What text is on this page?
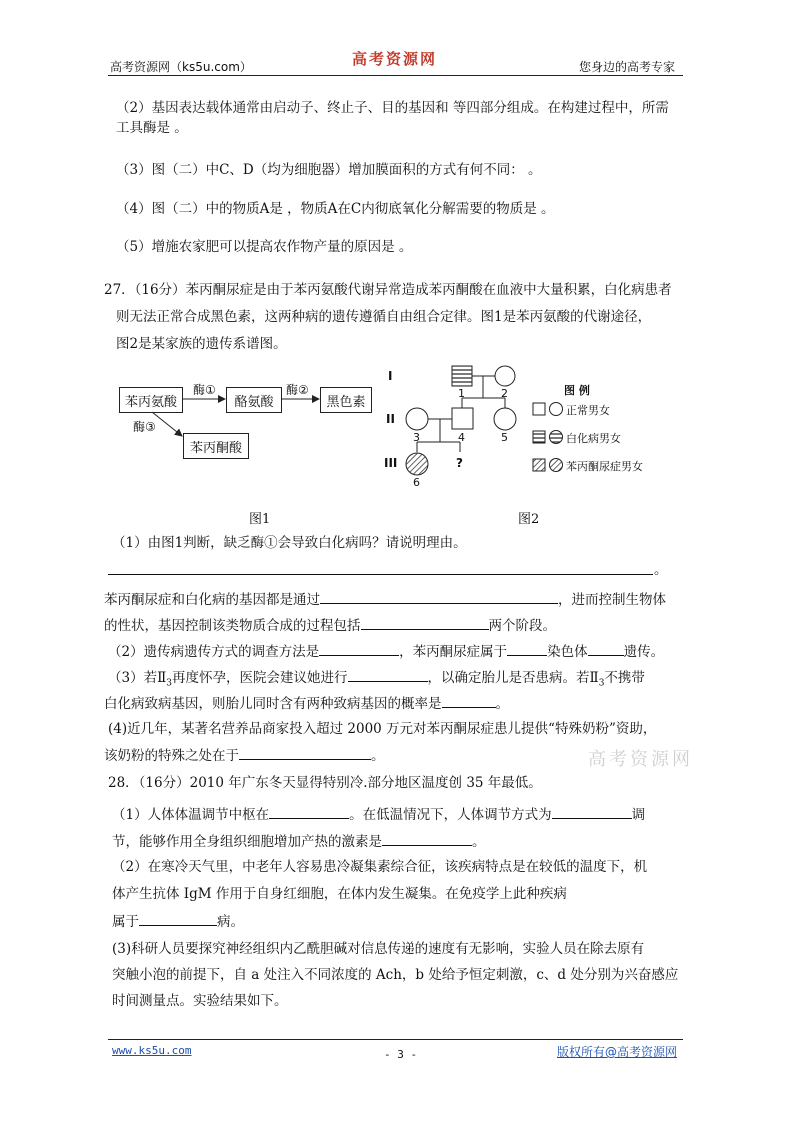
高考资源网（ks5u.com）	高考资源网	您身边的高考专家
（2）基因表达载体通常由启动子、终止子、目的基因和 等四部分组成。在构建过程中，所需
工具酶是 。
（3）图（二）中C、D（均为细胞器）增加膜面积的方式有何不同： 。
（4）图（二）中的物质A是 ，物质A在C内彻底氧化分解需要的物质是 。
（5）增施农家肥可以提高农作物产量的原因是 。
27．（16分）苯丙酮尿症是由于苯丙氨酸代谢异常造成苯丙酮酸在血液中大量积累，白化病患者
则无法正常合成黑色素，这两种病的遗传遵循自由组合定律。图1是苯丙氨酸的代谢途径，
图2是某家族的遗传系谱图。
苯丙氨酸	酪氨酸	黑色素
苯丙酮酸
酶①	酶②
酶③
图1
I
II
III
1	2
3	4	5
6
?
图 例
正常男女
白化病男女
苯丙酮尿症男女
图2
（1）由图1判断，缺乏酶①会导致白化病吗？请说明理由。
。
苯丙酮尿症和白化病的基因都是通过	，进而控制生物体
的性状，基因控制该类物质合成的过程包括	两个阶段。
（2）遗传病遗传方式的调查方法是	，苯丙酮尿症属于	染色体	遗传。
（3）若$Ⅱ_3$再度怀孕，医院会建议她进行	，以确定胎儿是否患病。若$Ⅱ_3$不携带
白化病致病基因，则胎儿同时含有两种致病基因的概率是	。
(4)近几年，某著名营养品商家投入超过 2000 万元对苯丙酮尿症患儿提供“特殊奶粉”资助，
该奶粉的特殊之处在于	。	高考资源网
28．（16分）2010 年广东冬天显得特别冷.部分地区温度创 35 年最低。
（1）人体体温调节中枢在	。在低温情况下，人体调节方式为	调
节，能够作用全身组织细胞增加产热的激素是	。
（2）在寒冷天气里，中老年人容易患冷凝集素综合征，该疾病特点是在较低的温度下，机
体产生抗体 IgM 作用于自身红细胞，在体内发生凝集。在免疫学上此种疾病
属于	病。
(3)科研人员要探究神经组织内乙酰胆碱对信息传递的速度有无影响，实验人员在除去原有
突触小泡的前提下，自 a 处注入不同浓度的 Ach，b 处给予恒定刺激，c、d 处分别为兴奋感应
时间测量点。实验结果如下。
www.ks5u.com	- 3 -	版权所有@高考资源网
